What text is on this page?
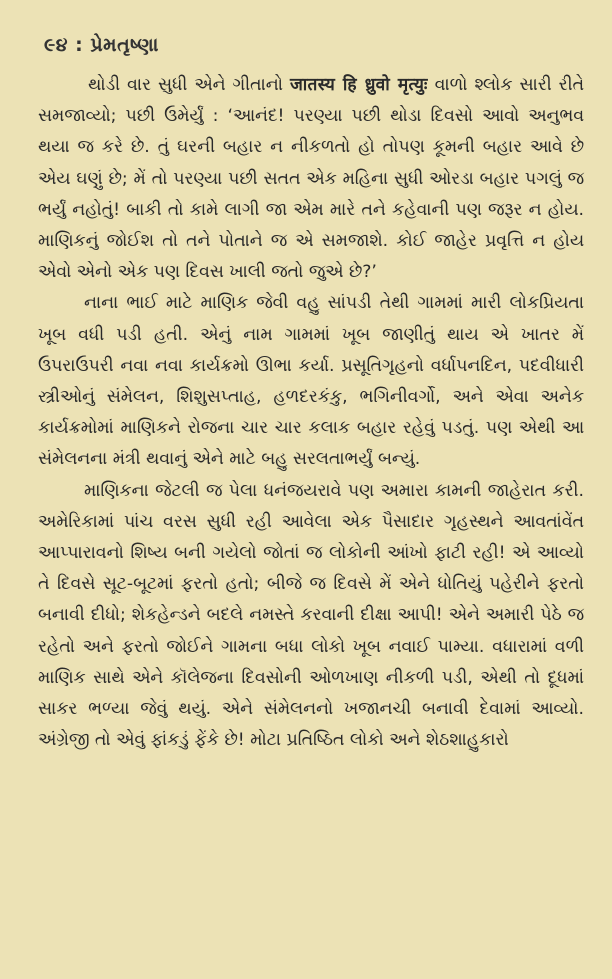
૯૪ : પ્રેમતૃષ્ણા

થોડી વાર સુધી એને ગીતાનો जातस्य हि ध्रुवो मृत्युः વાળો શ્લોક સારી રીતે સમજાવ્યો; પછી ઉમેર્યું : ‘આનંદ! પરણ્યા પછી થોડા દિવસો આવો અનુભવ થયા જ કરે છે. તું ઘરની બહાર ન નીકળતો હો તોપણ કૂમની બહાર આવે છે એય ઘણું છે; મેં તો પરણ્યા પછી સતત એક મહિના સુધી ઓરડા બહાર પગલું જ ભર્યું નહોતું! બાકી તો કામે લાગી જા એમ મારે તને કહેવાની પણ જરૂર ન હોય. માણિકનું જોઈશ તો તને પોતાને જ એ સમજાશે. કોઈ જાહેર પ્રવૃત્તિ ન હોય એવો એનો એક પણ દિવસ ખાલી જતો જુએ છે?’

નાના ભાઈ માટે માણિક જેવી વહુ સાંપડી તેથી ગામમાં મારી લોકપ્રિયતા ખૂબ વધી પડી હતી. એનું નામ ગામમાં ખૂબ જાણીતું થાય એ ખાતર મેં ઉપરાઉપરી નવા નવા કાર્યક્રમો ઊભા કર્યા. પ્રસૂતિગૃહનો વર્ધાપનદિન, પદવીધારી સ્ત્રીઓનું સંમેલન, શિશુસપ્તાહ, હળદરકંકુ, ભગિનીવર્ગો, અને એવા અનેક કાર્યક્રમોમાં માણિકને રોજના ચાર ચાર કલાક બહાર રહેવું પડતું. પણ એથી આ સંમેલનના મંત્રી થવાનું એને માટે બહુ સરલતાભર્યું બન્યું.

માણિકના જેટલી જ પેલા ધનંજયરાવે પણ અમારા કામની જાહેરાત કરી. અમેરિકામાં પાંચ વરસ સુધી રહી આવેલા એક પૈસાદાર ગૃહસ્થને આવતાંવેંત આપ્પારાવનો શિષ્ય બની ગયેલો જોતાં જ લોકોની આંખો ફાટી રહી! એ આવ્યો તે દિવસે સૂટ-બૂટમાં ફરતો હતો; બીજે જ દિવસે મેં એને ધોતિયું પહેરીને ફરતો બનાવી દીધો; શેકહેન્ડને બદલે નમસ્તે કરવાની દીક્ષા આપી! એને અમારી પેઠે જ રહેતો અને ફરતો જોઈને ગામના બધા લોકો ખૂબ નવાઈ પામ્યા. વધારામાં વળી માણિક સાથે એને કૉલેજના દિવસોની ઓળખાણ નીકળી પડી, એથી તો દૂધમાં સાકર ભળ્યા જેવું થયું. એને સંમેલનનો ખજાનચી બનાવી દેવામાં આવ્યો. અંગ્રેજી તો એવું ફાંકડું ફેંકે છે! મોટા પ્રતિષ્ઠિત લોકો અને શેઠશાહુકારો
